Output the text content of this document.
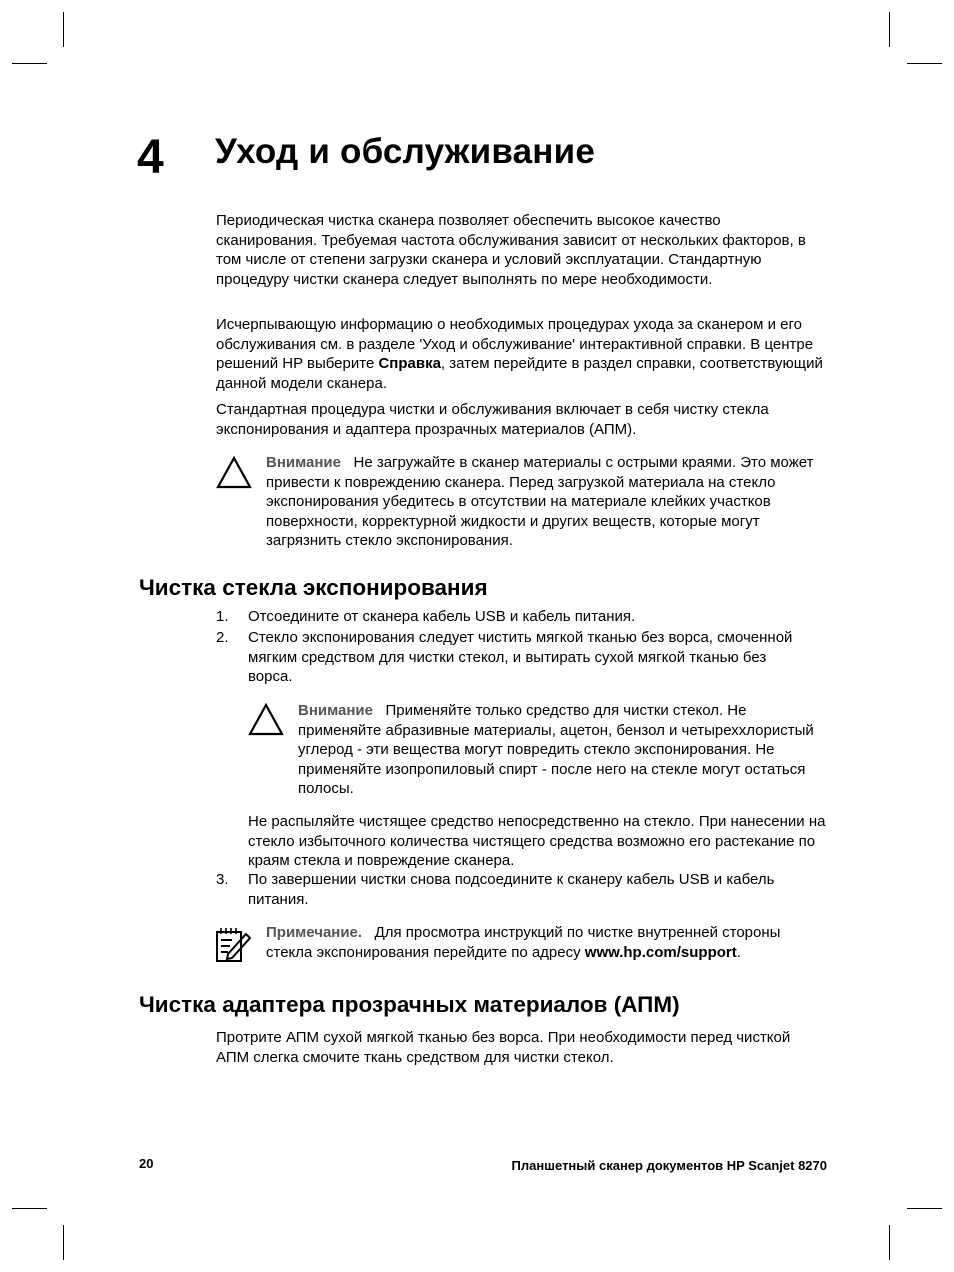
4 Уход и обслуживание

Периодическая чистка сканера позволяет обеспечить высокое качество сканирования. Требуемая частота обслуживания зависит от нескольких факторов, в том числе от степени загрузки сканера и условий эксплуатации. Стандартную процедуру чистки сканера следует выполнять по мере необходимости.

Исчерпывающую информацию о необходимых процедурах ухода за сканером и его обслуживания см. в разделе 'Уход и обслуживание' интерактивной справки. В центре решений HP выберите Справка, затем перейдите в раздел справки, соответствующий данной модели сканера.

Стандартная процедура чистки и обслуживания включает в себя чистку стекла экспонирования и адаптера прозрачных материалов (АПМ).

Внимание Не загружайте в сканер материалы с острыми краями. Это может привести к повреждению сканера. Перед загрузкой материала на стекло экспонирования убедитесь в отсутствии на материале клейких участков поверхности, корректурной жидкости и других веществ, которые могут загрязнить стекло экспонирования.

Чистка стекла экспонирования
1. Отсоедините от сканера кабель USB и кабель питания.

2. Стекло экспонирования следует чистить мягкой тканью без ворса, смоченной мягким средством для чистки стекол, и вытирать сухой мягкой тканью без ворса.

Внимание Применяйте только средство для чистки стекол. Не применяйте абразивные материалы, ацетон, бензол и четыреххлористый углерод - эти вещества могут повредить стекло экспонирования. Не применяйте изопропиловый спирт - после него на стекле могут остаться полосы.

Не распыляйте чистящее средство непосредственно на стекло. При нанесении на стекло избыточного количества чистящего средства возможно его растекание по краям стекла и повреждение сканера.

3. По завершении чистки снова подсоедините к сканеру кабель USB и кабель питания.

Примечание. Для просмотра инструкций по чистке внутренней стороны стекла экспонирования перейдите по адресу www.hp.com/support.

Чистка адаптера прозрачных материалов (АПМ)

Протрите АПМ сухой мягкой тканью без ворса. При необходимости перед чисткой АПМ слегка смочите ткань средством для чистки стекол.

20	Планшетный сканер документов HP Scanjet 8270
